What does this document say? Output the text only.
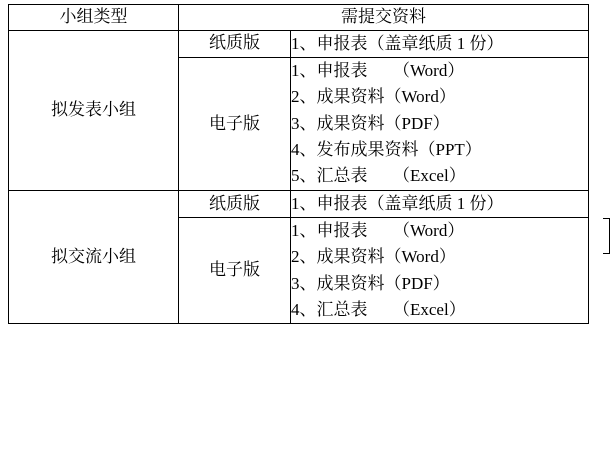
小组类型	需提交资料	
拟发表小组	纸质版	1、申报表（盖章纸质 1 份）

	电子版	1、申报表　　（Word）
2、成果资料（Word）
3、成果资料（PDF）
4、发布成果资料（PPT）
5、汇总表　　（Excel）

拟交流小组	纸质版	1、申报表（盖章纸质 1 份）

	电子版	1、申报表　　（Word）
2、成果资料（Word）
3、成果资料（PDF）
4、汇总表　　（Excel）
